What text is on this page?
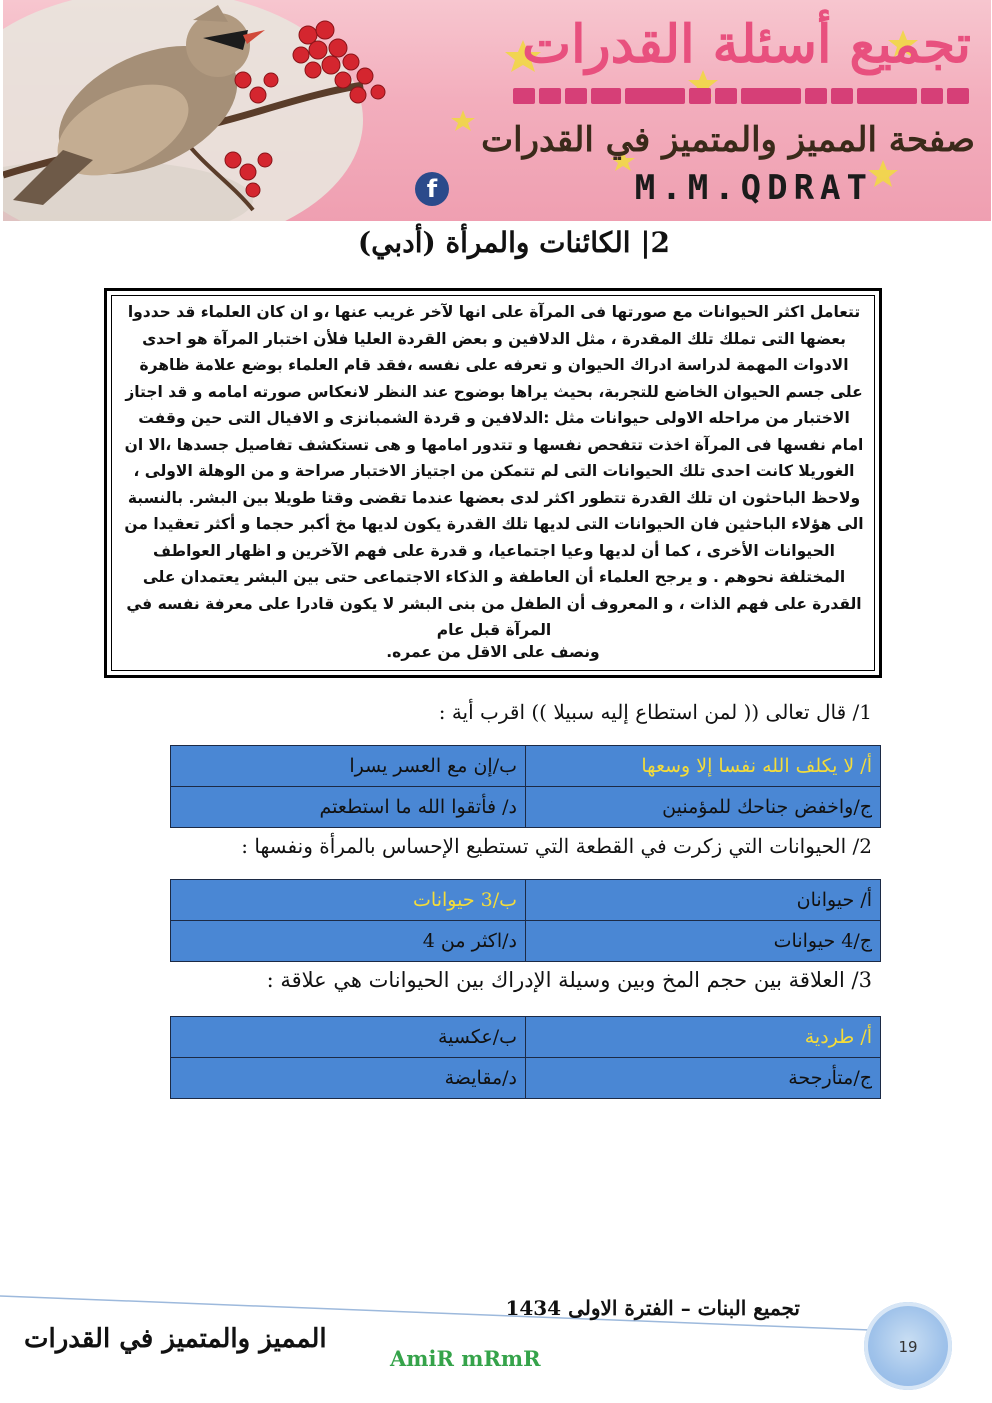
تجميع أسئلة القدرات
صفحة المميز والمتميز في القدرات
f	M.M.QDRAT
2| الكائنات والمرأة (أدبي)

تتعامل اكثر الحيوانات مع صورتها فى المرآة على انها لآخر غريب عنها ،و ان كان العلماء قد حددوا بعضها التى تملك تلك المقدرة ، مثل الدلافين و بعض القردة العليا فلأن اختبار المرآة هو احدى الادوات المهمة لدراسة ادراك الحيوان و تعرفه على نفسه ،فقد قام العلماء بوضع علامة ظاهرة على جسم الحيوان الخاضع للتجربة، بحيث يراها بوضوح عند النظر لانعكاس صورته امامه و قد اجتاز الاختبار من مراحله الاولى حيوانات مثل :الدلافين و قردة الشمبانزى و الافيال التى حين وقفت امام نفسها فى المرآة اخذت تتفحص نفسها و تتدور امامها و هى تستكشف تفاصيل جسدها ،الا ان الغوريلا كانت احدى تلك الحيوانات التى لم تتمكن من اجتياز الاختبار صراحة و من الوهلة الاولى ، ولاحظ الباحثون ان تلك القدرة تتطور اكثر لدى بعضها عندما تقضى وقتا طويلا بين البشر. بالنسبة الى هؤلاء الباحثين فان الحيوانات التى لديها تلك القدرة يكون لديها مخ أكبر حجما و أكثر تعقيدا من الحيوانات الأخرى ، كما أن لديها وعيا اجتماعيا، و قدرة على فهم الآخرين و اظهار العواطف المختلفة نحوهم . و يرجح العلماء أن العاطفة و الذكاء الاجتماعى حتى بين البشر يعتمدان على القدرة على فهم الذات ، و المعروف أن الطفل من بنى البشر لا يكون قادرا على معرفة نفسه في المرآة قبل عام

ونصف على الاقل من عمره.
1/ قال تعالى (( لمن استطاع إليه سبيلا )) اقرب أية :
أ/ لا يكلف الله نفسا إلا وسعها	ب/إن مع العسر يسرا
ج/واخفض جناحك للمؤمنين	د/ فأتقوا الله ما استطعتم
2/ الحيوانات التي زكرت في القطعة التي تستطيع الإحساس بالمرأة ونفسها :
أ/ حيوانان	ب/3 حيوانات
ج/4 حيوانات	د/اكثر من 4
3/ العلاقة بين حجم المخ وبين وسيلة الإدراك بين الحيوانات هي علاقة :
أ/ طردية	ب/عكسية
ج/متأرجحة	د/مقايضة
تجميع البنات – الفترة الاولى 1434
المميز والمتميز في القدرات
AmiR mRmR	19
